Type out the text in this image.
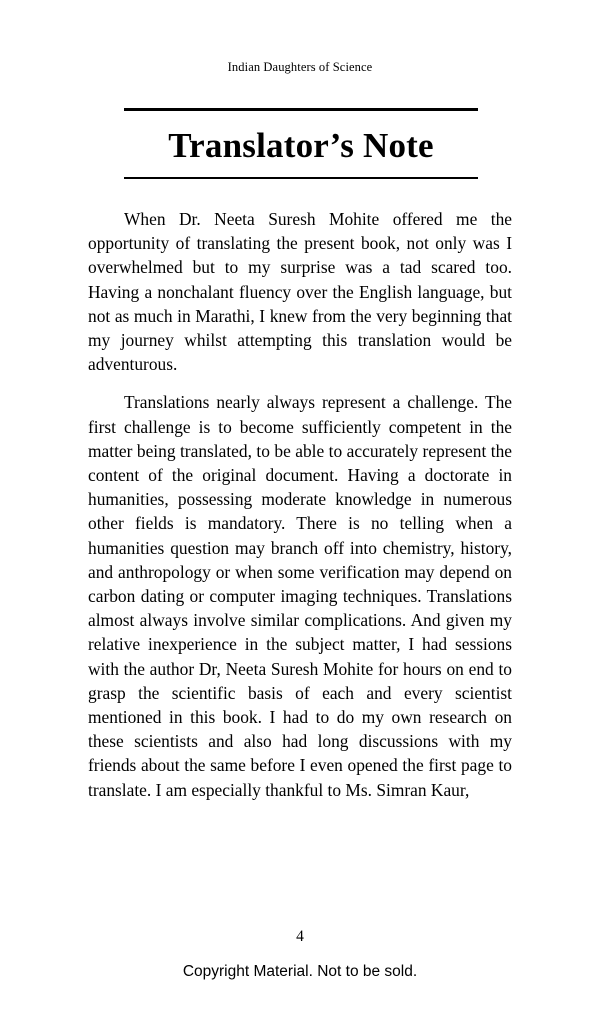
Indian Daughters of Science
Translator’s Note

When Dr. Neeta Suresh Mohite offered me the opportunity of translating the present book, not only was I overwhelmed but to my surprise was a tad scared too. Having a nonchalant fluency over the English language, but not as much in Marathi, I knew from the very beginning that my journey whilst attempting this translation would be adventurous.

Translations nearly always represent a challenge. The first challenge is to become sufficiently competent in the matter being translated, to be able to accurately represent the content of the original document. Having a doctorate in humanities, possessing moderate knowledge in numerous other fields is mandatory. There is no telling when a humanities question may branch off into chemistry, history, and anthropology or when some verification may depend on carbon dating or computer imaging techniques. Translations almost always involve similar complications. And given my relative inexperience in the subject matter, I had sessions with the author Dr, Neeta Suresh Mohite for hours on end to grasp the scientific basis of each and every scientist mentioned in this book. I had to do my own research on these scientists and also had long discussions with my friends about the same before I even opened the first page to translate. I am especially thankful to Ms. Simran Kaur,

4
Copyright Material. Not to be sold.
